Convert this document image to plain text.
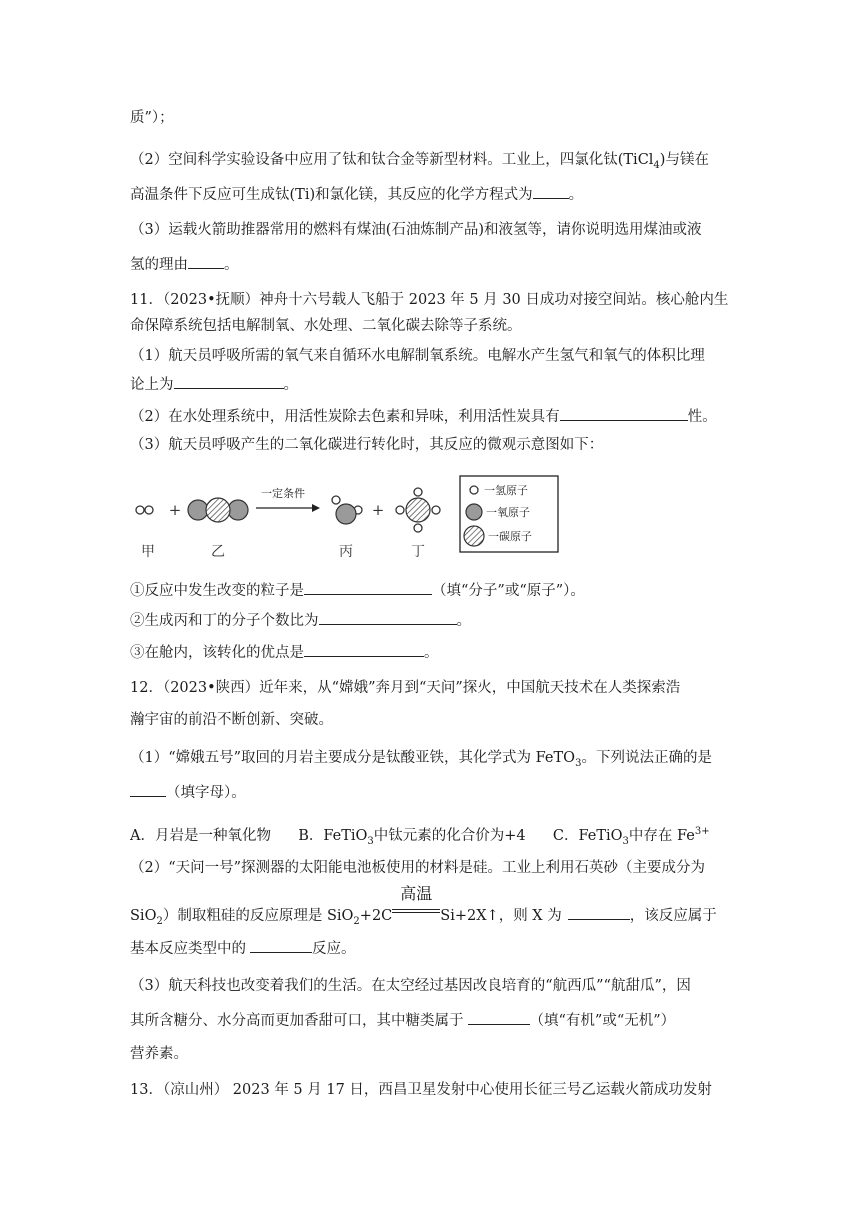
质”）；
（2）空间科学实验设备中应用了钛和钛合金等新型材料。工业上，四氯化钛(TiCl$_4$)与镁在
高温条件下反应可生成钛(Ti)和氯化镁，其反应的化学方程式为 。
（3）运载火箭助推器常用的燃料有煤油(石油炼制产品)和液氢等，请你说明选用煤油或液
氢的理由 。
11．（2023•抚顺）神舟十六号载人飞船于 2023 年 5 月 30 日成功对接空间站。核心舱内生
命保障系统包括电解制氧、水处理、二氧化碳去除等子系统。
（1）航天员呼吸所需的氧气来自循环水电解制氧系统。电解水产生氢气和氧气的体积比理
论上为	。
（2）在水处理系统中，用活性炭除去色素和异味，利用活性炭具有	性。
（3）航天员呼吸产生的二氧化碳进行转化时，其反应的微观示意图如下：
+
一定条件
+
一氢原子
一氧原子
一碳原子
甲	乙	丙	丁
①反应中发生改变的粒子是	（填“分子”或“原子”）。
②生成丙和丁的分子个数比为	。
③在舱内，该转化的优点是	。
12．（2023•陕西）近年来，从“嫦娥”奔月到“天问”探火，中国航天技术在人类探索浩
瀚宇宙的前沿不断创新、突破。
（1）“嫦娥五号”取回的月岩主要成分是钛酸亚铁，其化学式为 FeTO$_3$。下列说法正确的是
（填字母）。
A．月岩是一种氧化物 B．FeTiO$_3$中钛元素的化合价为+4 C．FeTiO$_3$中存在 $Fe^{3+}$
（2）“天问一号”探测器的太阳能电池板使用的材料是硅。工业上利用石英砂（主要成分为
SiO$_2$）制取粗硅的反应原理是 SiO$_2$+2C
高温
Si+2X↑，则 X 为	，该反应属于
基本反应类型中的	反应。
（3）航天科技也改变着我们的生活。在太空经过基因改良培育的“航西瓜”“航甜瓜”，因
其所含糖分、水分高而更加香甜可口，其中糖类属于	（填“有机”或“无机”）
营养素。
13．（凉山州） 2023 年 5 月 17 日，西昌卫星发射中心使用长征三号乙运载火箭成功发射
